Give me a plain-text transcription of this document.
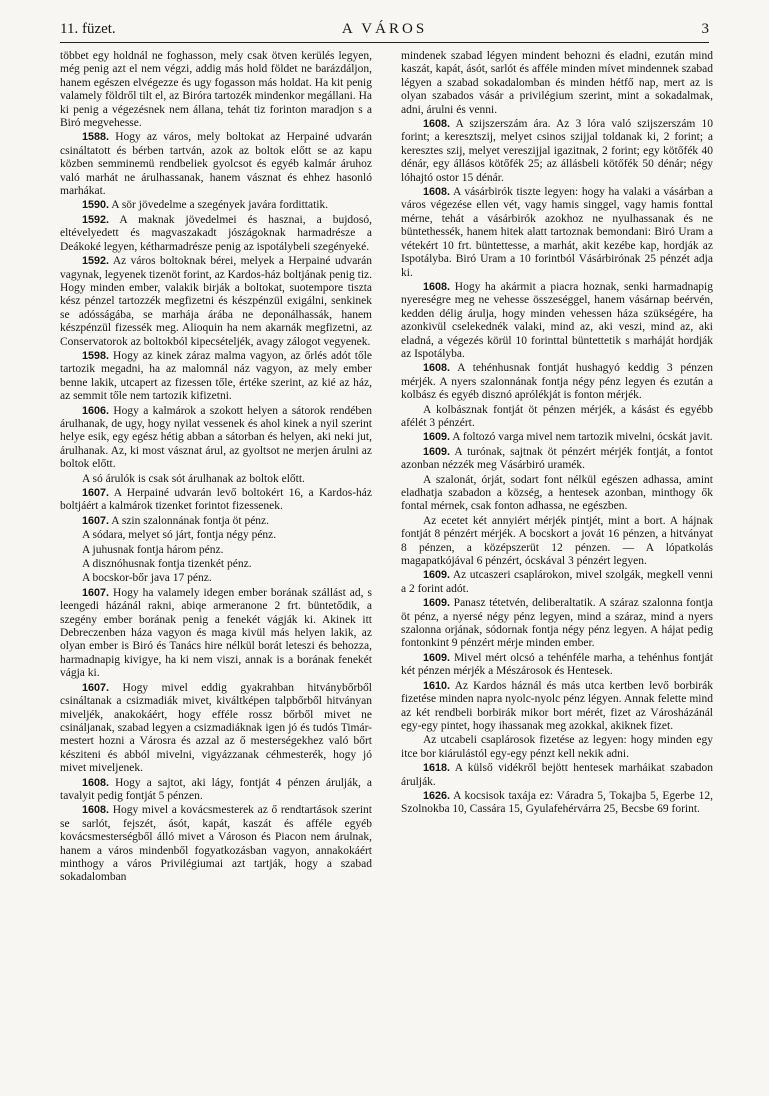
11. füzet.	A VÁROS	3

többet egy holdnál ne foghasson, mely csak ötven kerülés legyen, még penig azt el nem végzi, addig más hold földet ne barázdáljon, hanem egészen elvégezze és ugy fogasson más holdat. Ha kit penig valamely földről tilt el, az Biróra tartozék mindenkor megállani. Ha ki penig a végezésnek nem állana, tehát tiz forinton maradjon s a Biró megvehesse.

1588. Hogy az város, mely boltokat az Herpainé udvarán csináltatott és bérben tartván, azok az boltok előtt se az kapu közben semminemü rendbeliek gyolcsot és egyéb kalmár áruhoz való marhát ne árulhassanak, hanem vásznat és ehhez hasonló marhákat.

1590. A sör jövedelme a szegények javára fordittatik.

1592. A maknak jövedelmei és hasznai, a bujdosó, eltévelyedett és magvaszakadt jószágoknak harmadrésze a Deákoké legyen, kétharmadrésze penig az ispotálybeli szegényeké.

1592. Az város boltoknak bérei, melyek a Herpainé udvarán vagynak, legyenek tizenöt forint, az Kardos-ház boltjának penig tiz. Hogy minden ember, valakik birják a boltokat, suotempore tiszta kész pénzel tartozzék megfizetni és készpénzül exigálni, senkinek se adósságába, se marhája árába ne deponálhassák, hanem készpénzül fizessék meg. Alioquin ha nem akarnák megfizetni, az Conservatorok az boltokból kipecsételjék, avagy zálogot vegyenek.

1598. Hogy az kinek záraz malma vagyon, az őrlés adót tőle tartozik megadni, ha az malomnál náz vagyon, az mely ember benne lakik, utcapert az fizessen tőle, értéke szerint, az kié az ház, az semmit tőle nem tartozik kifizetni.

1606. Hogy a kalmárok a szokott helyen a sátorok rendében árulhanak, de ugy, hogy nyilat vessenek és ahol kinek a nyil szerint helye esik, egy egész hétig abban a sátorban és helyen, aki neki jut, árulhanak. Az, ki most vásznat árul, az gyoltsot ne merjen árulni az boltok előtt.

A só árulók is csak sót árulhanak az boltok előtt.

1607. A Herpainé udvarán levő boltokért 16, a Kardos-ház boltjáért a kalmárok tizenket forintot fizessenek.

1607. A szin szalonnának fontja öt pénz.

A sódara, melyet só járt, fontja négy pénz.

A juhusnak fontja három pénz.

A disznóhusnak fontja tizenkét pénz.

A bocskor-bőr java 17 pénz.

1607. Hogy ha valamely idegen ember borának szállást ad, s leengedi házánál rakni, abiqe armeranone 2 frt. büntetődik, a szegény ember borának penig a fenekét vágják ki. Akinek itt Debreczenben háza vagyon és maga kivül más helyen lakik, az olyan ember is Biró és Tanács hire nélkül borát leteszi és behozza, harmadnapig kivigye, ha ki nem viszi, annak is a borának fenekét vágja ki.

1607. Hogy mivel eddig gyakrahban hitványbőrből csináltanak a csizmadiák mivet, kiváltképen talpbőrből hitványan miveljék, anakokáért, hogy efféle rossz bőrből mivet ne csináljanak, szabad legyen a csizmadiáknak igen jó és tudós Timár-mestert hozni a Városra és azzal az ő mesterségekhez való bőrt késziteni és abból mivelni, vigyázzanak céhmesterék, hogy jó mivet miveljenek.

1608. Hogy a sajtot, aki lágy, fontját 4 pénzen árulják, a tavalyit pedig fontját 5 pénzen.

1608. Hogy mivel a kovácsmesterek az ő rendtartások szerint se sarlót, fejszét, ásót, kapát, kaszát és afféle egyéb kovácsmesterségből álló mivet a Városon és Piacon nem árulnak, hanem a város mindenből fogyatkozásban vagyon, annakokáért minthogy a város Privilégiumai azt tartják, hogy a szabad sokadalomban

mindenek szabad légyen mindent behozni és eladni, ezután mind kaszát, kapát, ásót, sarlót és afféle minden mívet mindennek szabad légyen a szabad sokadalomban és minden hétfő nap, mert az is olyan szabados vásár a privilégium szerint, mint a sokadalmak, adni, árulni és venni.

1608. A szijszerszám ára. Az 3 lóra való szijszerszám 10 forint; a keresztszij, melyet csinos szijjal toldanak ki, 2 forint; a keresztes szij, melyet vereszijjal igazitnak, 2 forint; egy kötőfék 40 dénár, egy állásos kötőfék 25; az állásbeli kötőfék 50 dénár; négy lóhajtó ostor 15 dénár.

1608. A vásárbirók tiszte legyen: hogy ha valaki a vásárban a város végezése ellen vét, vagy hamis singgel, vagy hamis fonttal mérne, tehát a vásárbirók azokhoz ne nyulhassanak és ne büntethessék, hanem hitek alatt tartoznak bemondani: Biró Uram a vétekért 10 frt. büntettesse, a marhát, akit kezébe kap, hordják az Ispotályba. Biró Uram a 10 forintból Vásárbirónak 25 pénzét adja ki.

1608. Hogy ha akármit a piacra hoznak, senki harmadnapig nyereségre meg ne vehesse összeséggel, hanem vásárnap beérvén, kedden délig árulja, hogy minden vehessen háza szükségére, ha azonkivül cselekednék valaki, mind az, aki veszi, mind az, aki eladná, a végezés körül 10 forinttal büntettetik s marháját hordják az Ispotályba.

1608. A tehénhusnak fontját hushagyó keddig 3 pénzen mérjék. A nyers szalonnának fontja négy pénz legyen és ezután a kolbász és egyéb disznó aprólékját is fonton mérjék.

A kolbásznak fontját öt pénzen mérjék, a kásást és egyébb afélét 3 pénzért.

1609. A foltozó varga mivel nem tartozik mivelni, ócskát javit.

1609. A turónak, sajtnak öt pénzért mérjék fontját, a fontot azonban nézzék meg Vásárbiró uramék.

A szalonát, órját, sodart font nélkül egészen adhassa, amint eladhatja szabadon a község, a hentesek azonban, minthogy ők fontal mérnek, csak fonton adhassa, ne egészben.

Az ecetet két annyiért mérjék pintjét, mint a bort. A hájnak fontját 8 pénzért mérjék. A bocskort a jovát 16 pénzen, a hitványat 8 pénzen, a középszerüt 12 pénzen. — A lópatkolás magapatkójával 6 pénzért, ócskával 3 pénzért legyen.

1609. Az utcaszeri csaplárokon, mivel szolgák, megkell venni a 2 forint adót.

1609. Panasz tétetvén, deliberaltatik. A száraz szalonna fontja öt pénz, a nyersé négy pénz legyen, mind a száraz, mind a nyers szalonna orjának, sódornak fontja négy pénz legyen. A hájat pedig fontonkint 9 pénzért mérje minden ember.

1609. Mivel mért olcsó a tehénféle marha, a tehénhus fontját két pénzen mérjék a Mészárosok és Hentesek.

1610. Az Kardos háznál és más utca kertben levő borbirák fizetése minden napra nyolc-nyolc pénz légyen. Annak felette mind az két rendbeli borbirák mikor bort mérét, fizet az Városházánál egy-egy pintet, hogy ihassanak meg azokkal, akiknek fizet.

Az utcabeli csaplárosok fizetése az legyen: hogy minden egy itce bor kiárulástól egy-egy pénzt kell nekik adni.

1618. A külső vidékről bejött hentesek marháikat szabadon árulják.

1626. A kocsisok taxája ez: Váradra 5, Tokajba 5, Egerbe 12, Szolnokba 10, Cassára 15, Gyulafehérvárra 25, Becsbe 69 forint.
